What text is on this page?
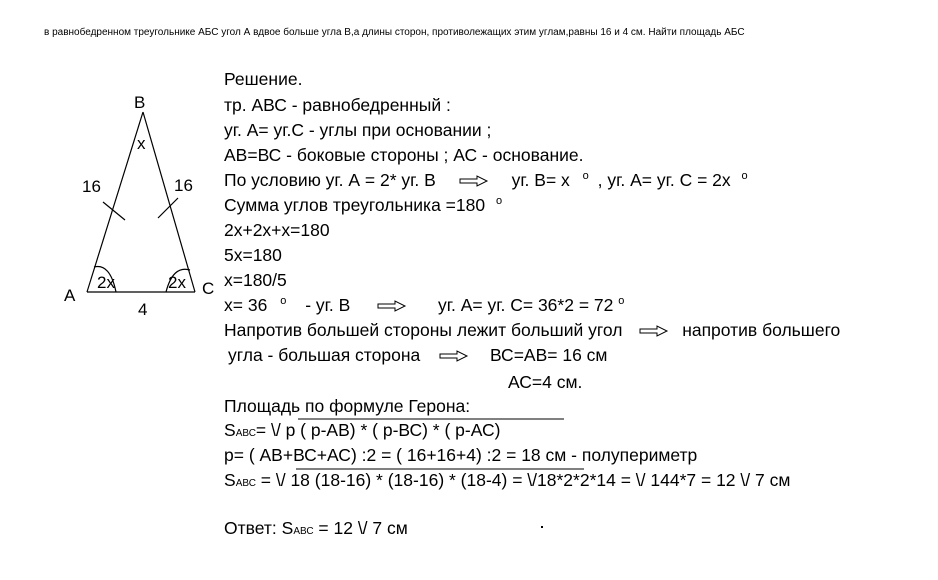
в равнобедренном треугольнике АБС угол А вдвое больше угла В,а длины сторон, противолежащих этим углам,равны 16 и 4 см. Найти площадь АБС
B
A	C
x
2x	2x
16	16
4
Решение.
тр. АВС - равнобедренный :
уг. А= уг.С - углы при основании ;
АВ=ВС - боковые стороны ; АС - основание.
По условию уг. А = 2* уг. В	уг. В= х $^о$ , уг. А= уг. С = 2х $^о$
Сумма углов треугольника =180 $^о$
2х+2х+х=180
5х=180
х=180/5
х= 36 $^о$ - уг. В	уг. А= уг. С= 36*2 = 72 $^о$
Напротив большей стороны лежит больший угол	напротив большего
угла - большая сторона	ВС=АВ= 16 см
АС=4 см.
Площадь по формуле Герона:
SАВС= \/ р ( р-АВ) * ( р-ВС) * ( р-АС)
р= ( АВ+ВС+АС) :2 = ( 16+16+4) :2 = 18 см - полупериметр
SАВС = \/ 18 (18-16) * (18-16) * (18-4) = \/18*2*2*14 = \/ 144*7 = 12 \/ 7 см
Ответ: SАВС = 12 \/ 7 см
